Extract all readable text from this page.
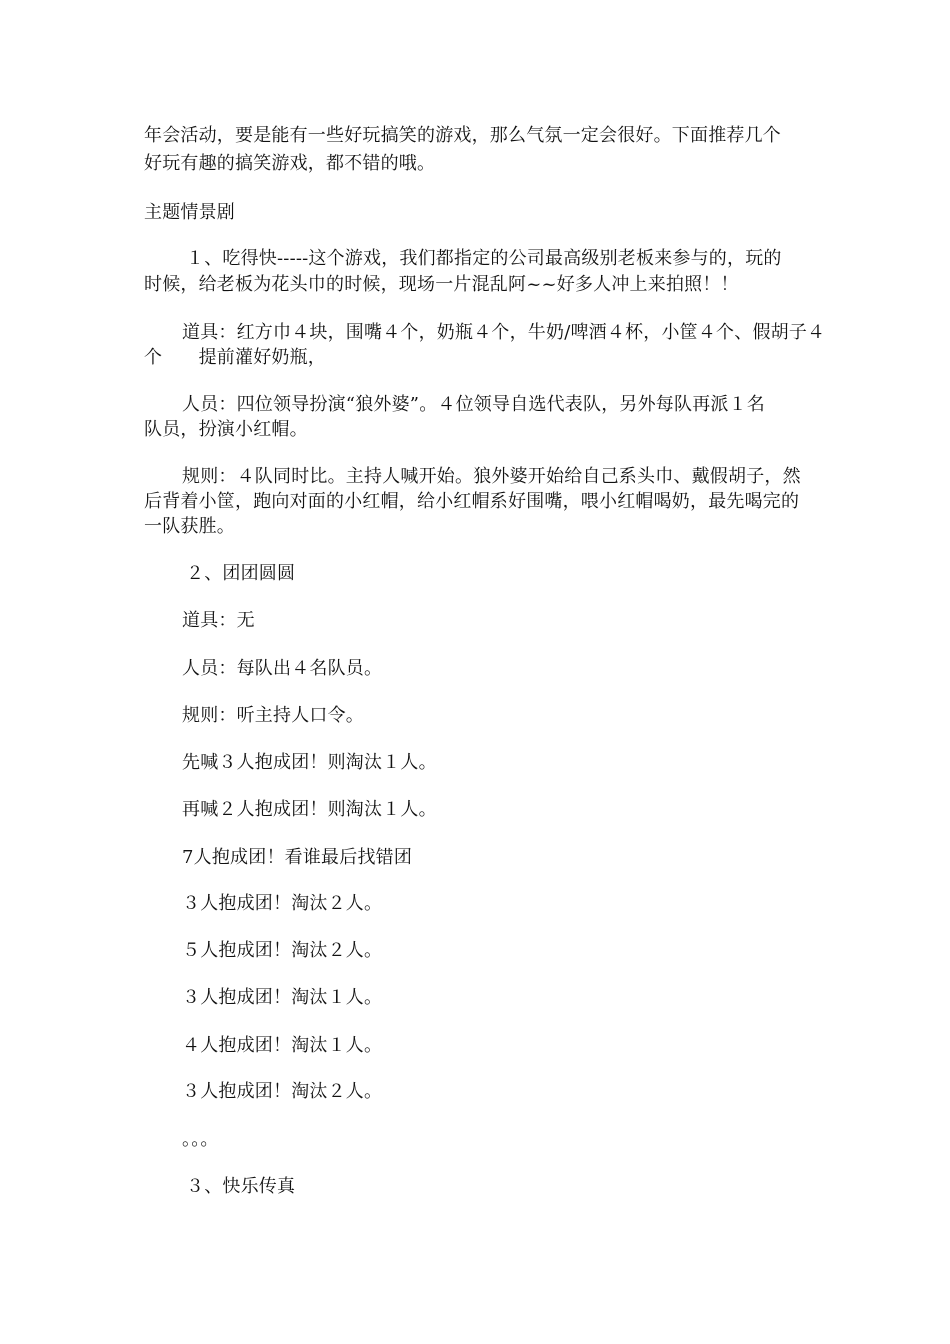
年会活动，要是能有一些好玩搞笑的游戏，那么气氛一定会很好。下面推荐几个
好玩有趣的搞笑游戏，都不错的哦。
主题情景剧
１、吃得快-----这个游戏，我们都指定的公司最高级别老板来参与的，玩的
时候，给老板为花头巾的时候，现场一片混乱阿~~好多人冲上来拍照！！
道具：红方巾４块，围嘴４个，奶瓶４个，牛奶/啤酒４杯，小筐４个、假胡子４
个　　提前灌好奶瓶，
人员：四位领导扮演“狼外婆”。４位领导自选代表队，另外每队再派１名
队员，扮演小红帽。
规则：４队同时比。主持人喊开始。狼外婆开始给自己系头巾、戴假胡子，然
后背着小筐，跑向对面的小红帽，给小红帽系好围嘴，喂小红帽喝奶，最先喝完的
一队获胜。
２、团团圆圆
道具：无
人员：每队出４名队员。
规则：听主持人口令。
先喊３人抱成团！则淘汰１人。
再喊２人抱成团！则淘汰１人。
7人抱成团！看谁最后找错团
３人抱成团！淘汰２人。
５人抱成团！淘汰２人。
３人抱成团！淘汰１人。
４人抱成团！淘汰１人。
３人抱成团！淘汰２人。
。。。
３、快乐传真
